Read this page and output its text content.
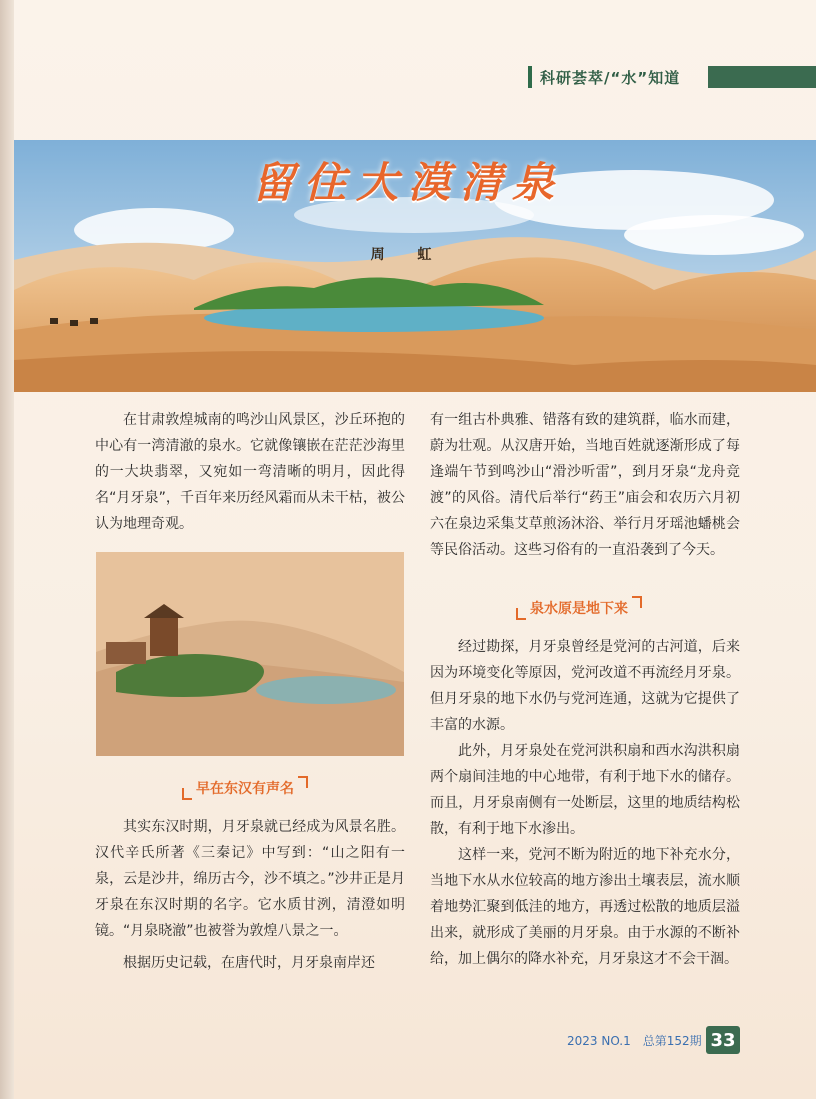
科研荟萃/“水”知道
留住大漠清泉
周 虹

在甘肃敦煌城南的鸣沙山风景区，沙丘环抱的中心有一湾清澈的泉水。它就像镶嵌在茫茫沙海里的一大块翡翠，又宛如一弯清晰的明月，因此得名“月牙泉”，千百年来历经风霜而从未干枯，被公认为地理奇观。

早在东汉有声名

其实东汉时期，月牙泉就已经成为风景名胜。汉代辛氏所著《三秦记》中写到：“山之阳有一泉，云是沙井，绵历古今，沙不填之。”沙井正是月牙泉在东汉时期的名字。它水质甘洌，清澄如明镜。“月泉晓澈”也被誉为敦煌八景之一。

根据历史记载，在唐代时，月牙泉南岸还

有一组古朴典雅、错落有致的建筑群，临水而建，蔚为壮观。从汉唐开始，当地百姓就逐渐形成了每逢端午节到鸣沙山“滑沙听雷”，到月牙泉“龙舟竞渡”的风俗。清代后举行“药王”庙会和农历六月初六在泉边采集艾草煎汤沐浴、举行月牙瑶池蟠桃会等民俗活动。这些习俗有的一直沿袭到了今天。

泉水原是地下来

经过勘探，月牙泉曾经是党河的古河道，后来因为环境变化等原因，党河改道不再流经月牙泉。但月牙泉的地下水仍与党河连通，这就为它提供了丰富的水源。

此外，月牙泉处在党河洪积扇和西水沟洪积扇两个扇间洼地的中心地带，有利于地下水的储存。而且，月牙泉南侧有一处断层，这里的地质结构松散，有利于地下水渗出。

这样一来，党河不断为附近的地下补充水分，当地下水从水位较高的地方渗出土壤表层，流水顺着地势汇聚到低洼的地方，再透过松散的地质层溢出来，就形成了美丽的月牙泉。由于水源的不断补给，加上偶尔的降水补充，月牙泉这才不会干涸。

2023 NO.1 总第152期 33
